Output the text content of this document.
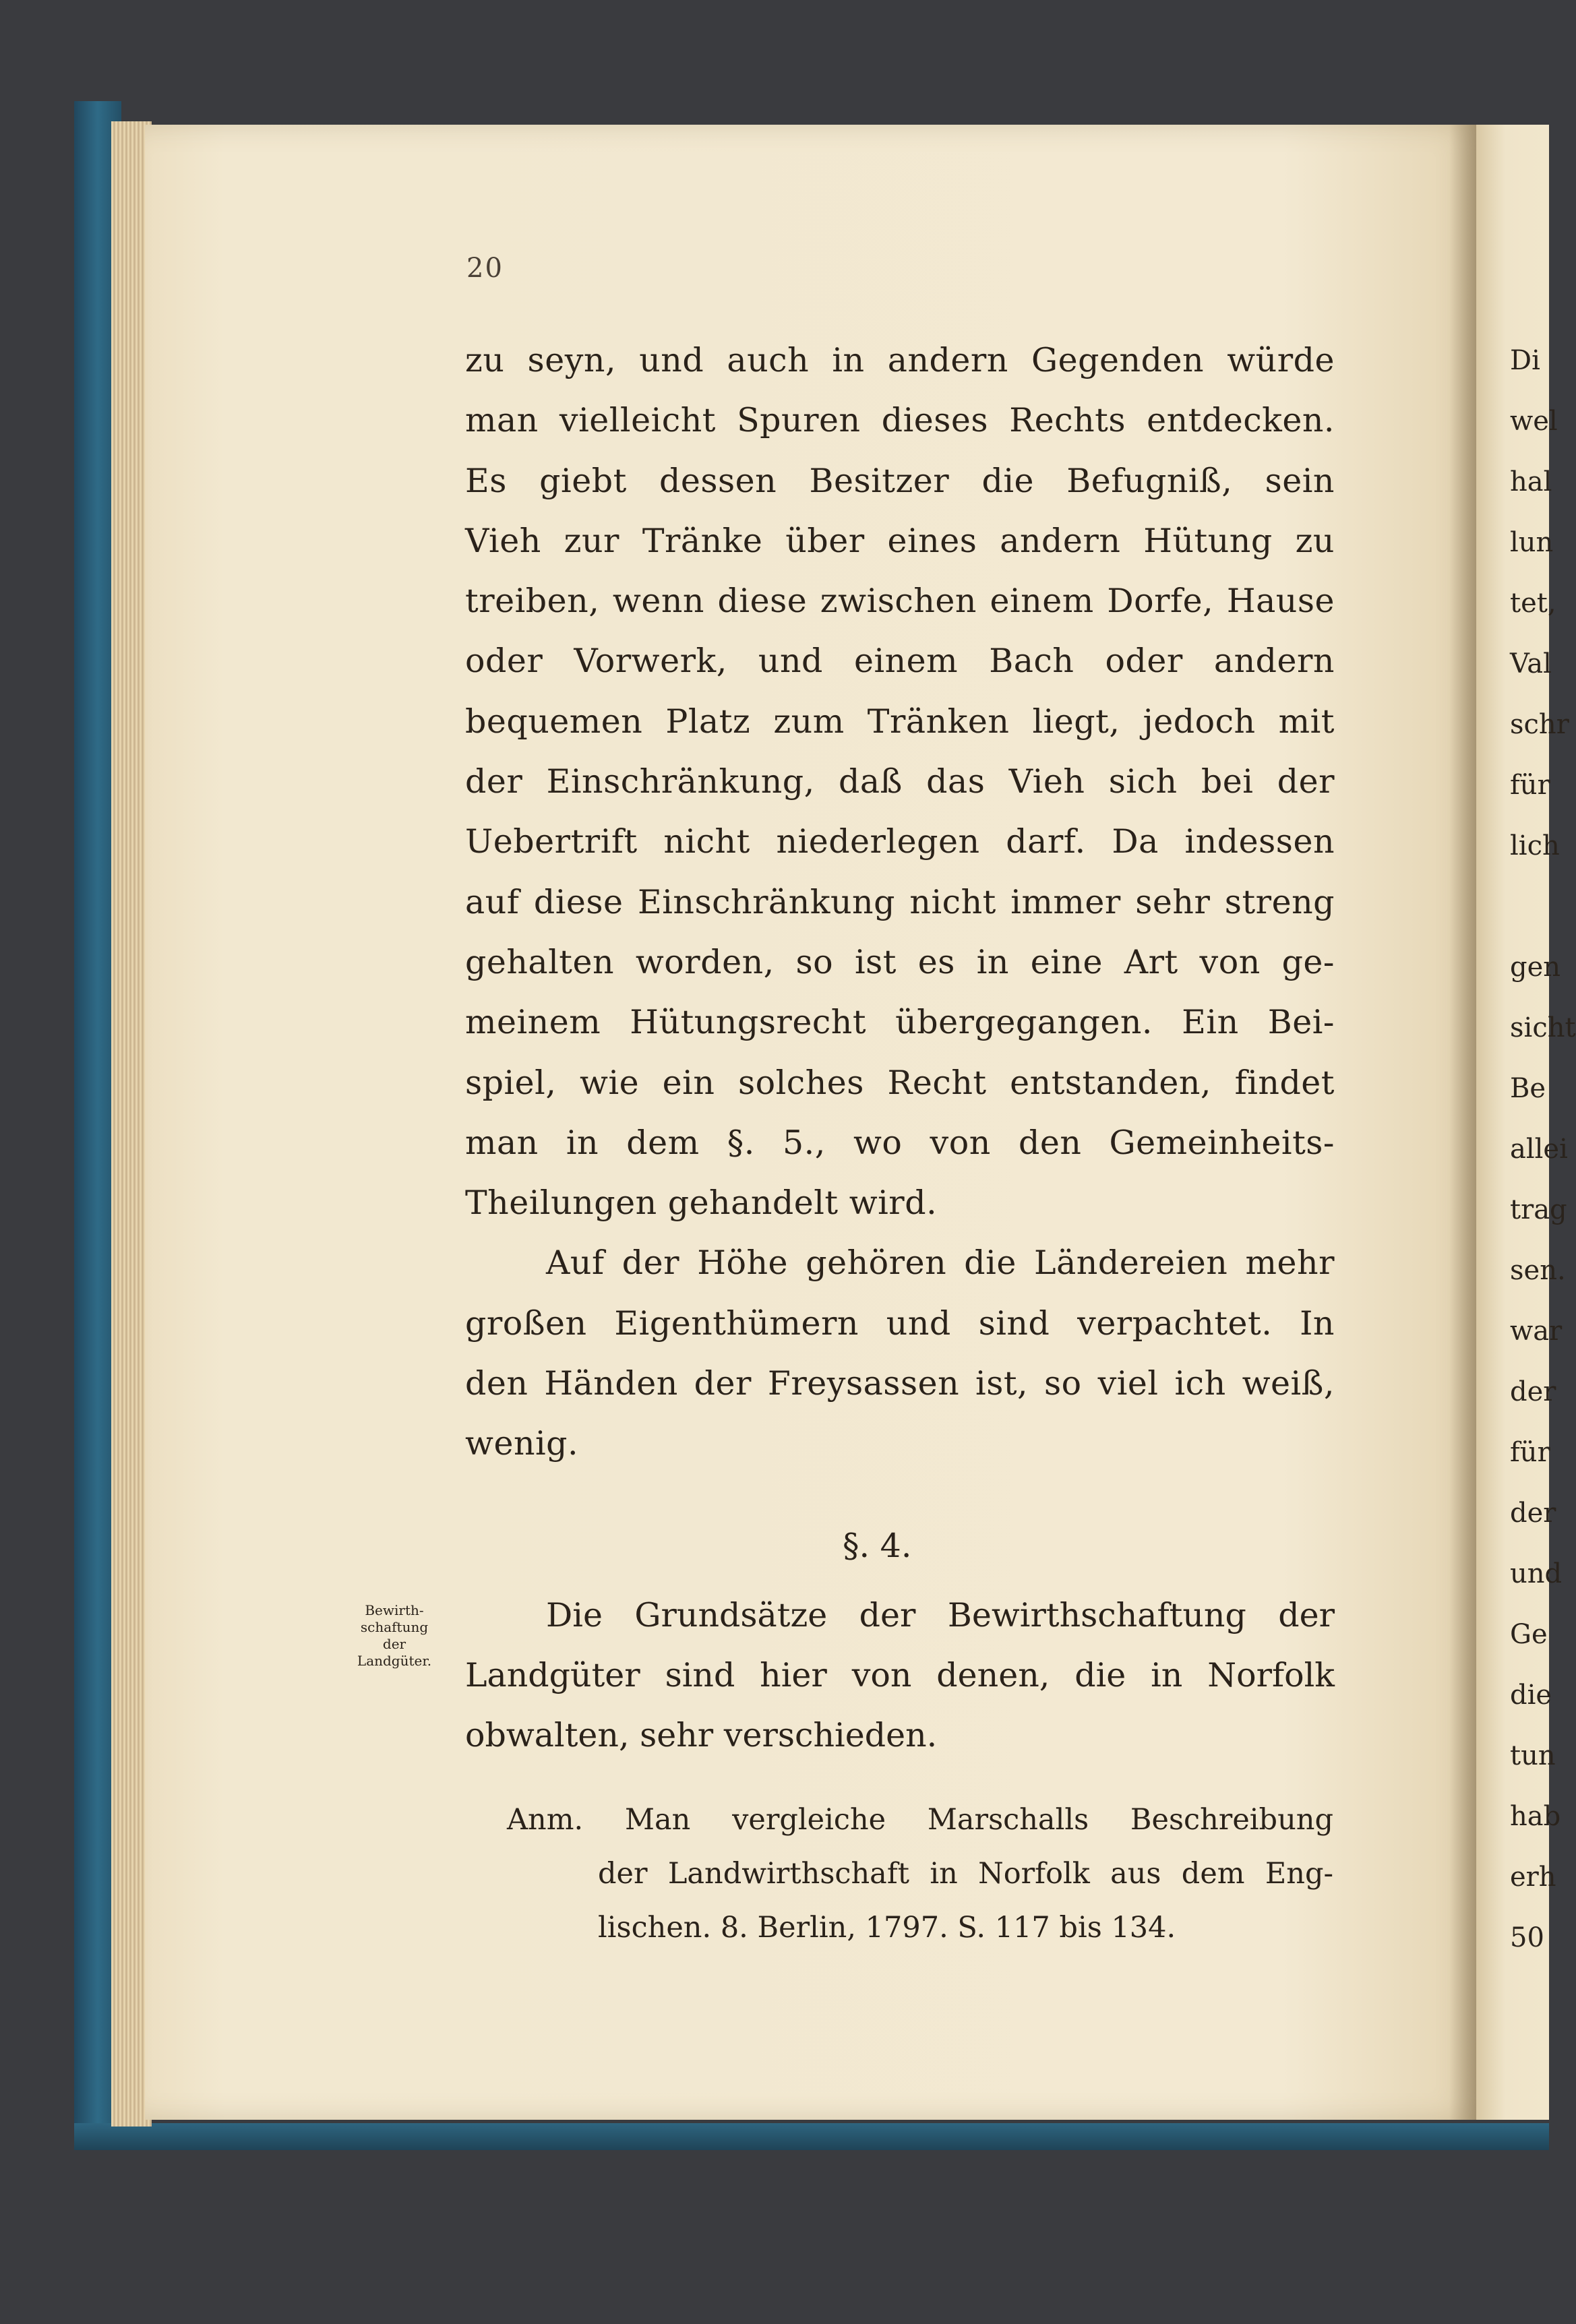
20
zu seyn, und auch in andern Gegenden würde
man vielleicht Spuren dieses Rechts entdecken.
Es giebt dessen Besitzer die Befugniß, sein
Vieh zur Tränke über eines andern Hütung zu
treiben, wenn diese zwischen einem Dorfe, Hause
oder Vorwerk, und einem Bach oder andern
bequemen Platz zum Tränken liegt, jedoch mit
der Einschränkung, daß das Vieh sich bei der
Uebertrift nicht niederlegen darf. Da indessen
auf diese Einschränkung nicht immer sehr streng
gehalten worden, so ist es in eine Art von ge-
meinem Hütungsrecht übergegangen. Ein Bei-
spiel, wie ein solches Recht entstanden, findet
man in dem §. 5., wo von den Gemeinheits-
Theilungen gehandelt wird.
Auf der Höhe gehören die Ländereien mehr
großen Eigenthümern und sind verpachtet. In
den Händen der Freysassen ist, so viel ich weiß,
wenig.
§. 4.
Bewirth-
schaftung
der
Landgüter.
Die Grundsätze der Bewirthschaftung der
Landgüter sind hier von denen, die in Norfolk
obwalten, sehr verschieden.
Anm. Man vergleiche Marschalls Beschreibung
der Landwirthschaft in Norfolk aus dem Eng-
lischen. 8. Berlin, 1797. S. 117 bis 134.
Di
wel
hal
lun
tet,
Val
schr
für
lich
gen
sicht
Be
allei
trag
sen.
war
der
für
der
und
Ge
die
tun
hab
erh
50
